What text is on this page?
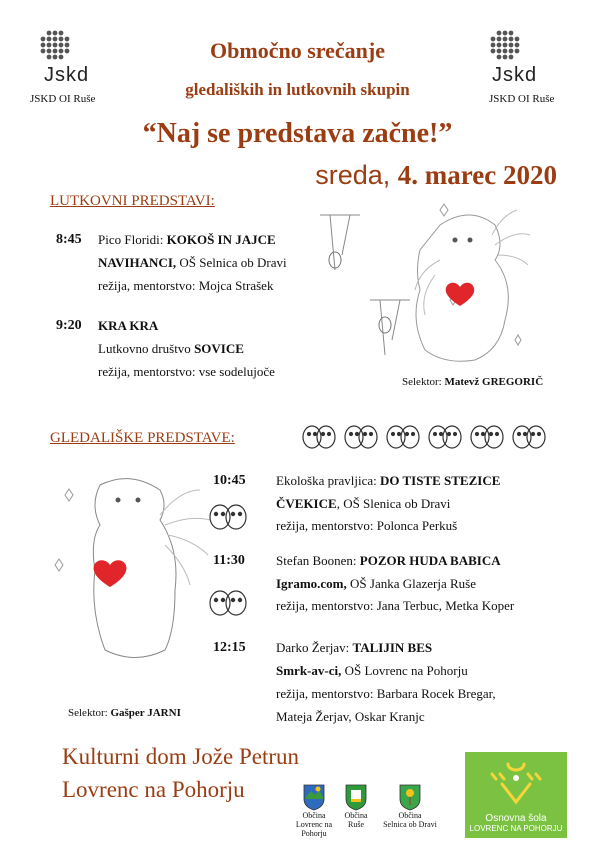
Jskd
JSKD OI Ruše
Jskd
JSKD OI Ruše
Območno srečanje
gledaliških in lutkovnih skupin
“Naj se predstava začne!”
sreda, 4. marec 2020
LUTKOVNI PREDSTAVI:
8:45 Pico Floridi: KOKOŠ IN JAJCE
NAVIHANCI, OŠ Selnica ob Dravi
režija, mentorstvo: Mojca Strašek
9:20 KRA KRA
Lutkovno društvo SOVICE
režija, mentorstvo: vse sodelujoče
Selektor: Matevž GREGORIČ
GLEDALIŠKE PREDSTAVE:
10:45 Ekološka pravljica: DO TISTE STEZICE
ČVEKICE, OŠ Slenica ob Dravi
režija, mentorstvo: Polonca Perkuš
11:30 Stefan Boonen: POZOR HUDA BABICA
Igramo.com, OŠ Janka Glazerja Ruše
režija, mentorstvo: Jana Terbuc, Metka Koper
12:15 Darko Žerjav: TALIJIN BES
Smrk-av-ci, OŠ Lovrenc na Pohorju
režija, mentorstvo: Barbara Rocek Bregar,
Mateja Žerjav, Oskar Kranjc
Selektor: Gašper JARNI
Kulturni dom Jože Petrun
Lovrenc na Pohorju
Občina
Lovrenc na Pohorju
Občina
Ruše
Občina
Selnica ob Dravi
Osnovna šola
LOVRENC NA POHORJU
